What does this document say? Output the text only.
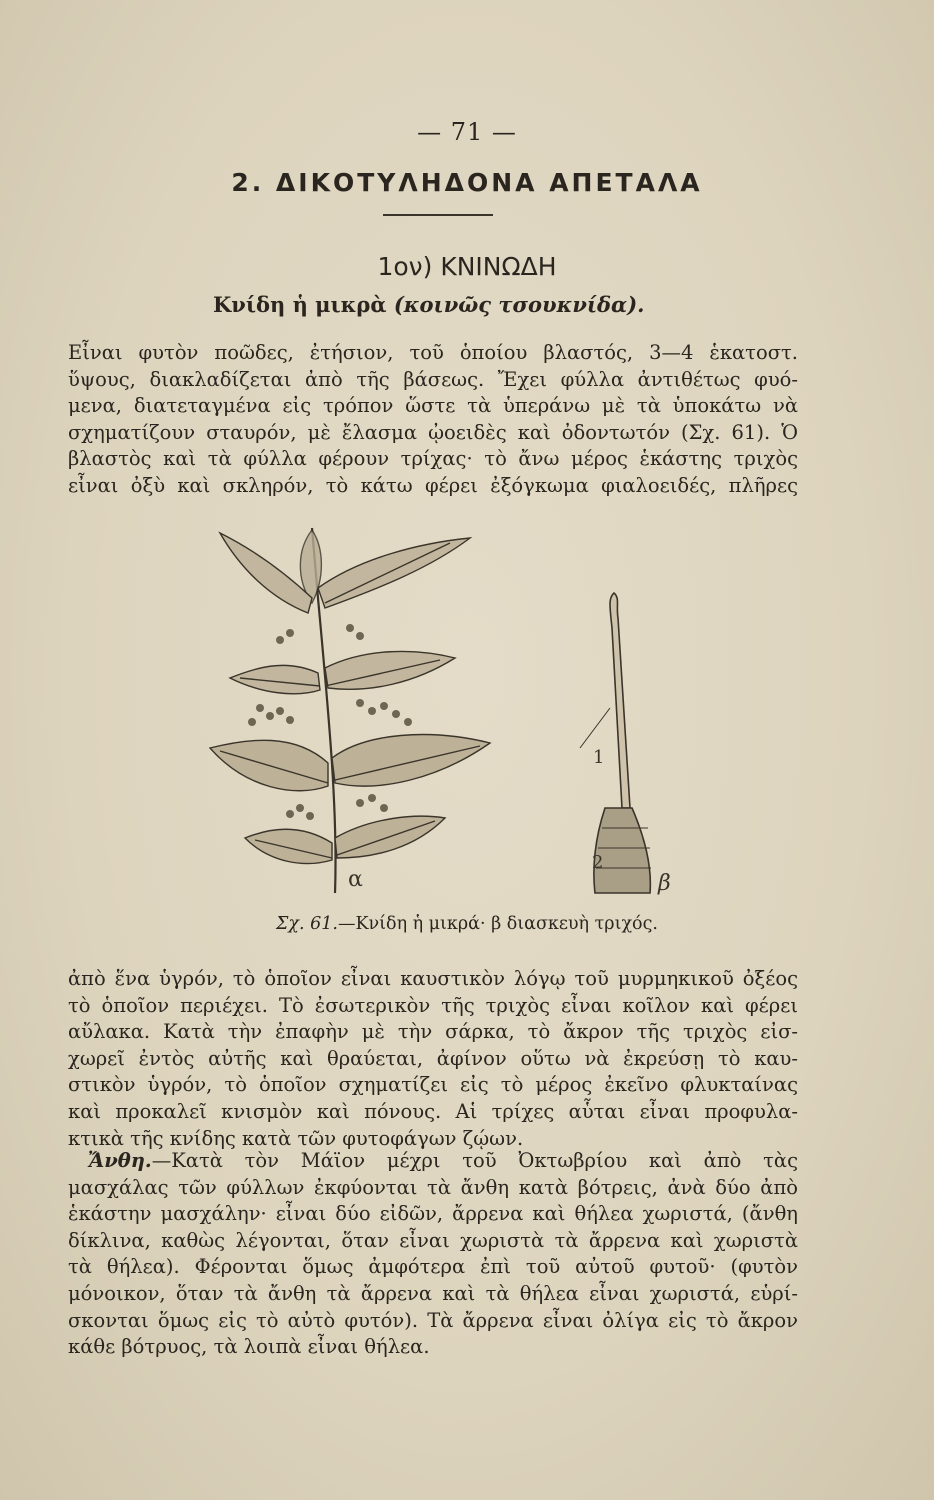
— 71 —
2. ΔΙΚΟΤΥΛΗΔΟΝΑ ΑΠΕΤΑΛΑ
1ον) ΚΝΙΝΩΔΗ
Κνίδη ἡ μικρὰ (κοινῶς τσουκνίδα).
Εἶναι φυτὸν ποῶδες, ἐτήσιον, τοῦ ὁποίου βλαστός, 3—4 ἑκατοστ.
ὕψους, διακλαδίζεται ἀπὸ τῆς βάσεως. Ἔχει φύλλα ἀντιθέτως φυό-
μενα, διατεταγμένα εἰς τρόπον ὥστε τὰ ὑπεράνω μὲ τὰ ὑποκάτω νὰ
σχηματίζουν σταυρόν, μὲ ἔλασμα ᾠοειδὲς καὶ ὀδοντωτόν (Σχ. 61). Ὁ
βλαστὸς καὶ τὰ φύλλα φέρουν τρίχας· τὸ ἄνω μέρος ἑκάστης τριχὸς
εἶναι ὀξὺ καὶ σκληρόν, τὸ κάτω φέρει ἐξόγκωμα φιαλοειδές, πλῆρες
α
1
2
β
Σχ. 61.—Κνίδη ἡ μικρά· β διασκευὴ τριχός.
ἀπὸ ἕνα ὑγρόν, τὸ ὁποῖον εἶναι καυστικὸν λόγῳ τοῦ μυρμηκικοῦ ὀξέος
τὸ ὁποῖον περιέχει. Τὸ ἐσωτερικὸν τῆς τριχὸς εἶναι κοῖλον καὶ φέρει
αὔλακα. Κατὰ τὴν ἐπαφὴν μὲ τὴν σάρκα, τὸ ἄκρον τῆς τριχὸς εἰσ-
χωρεῖ ἐντὸς αὐτῆς καὶ θραύεται, ἀφίνον οὕτω νὰ ἐκρεύσῃ τὸ καυ-
στικὸν ὑγρόν, τὸ ὁποῖον σχηματίζει εἰς τὸ μέρος ἐκεῖνο φλυκταίνας
καὶ προκαλεῖ κνισμὸν καὶ πόνους. Αἱ τρίχες αὗται εἶναι προφυλα-
κτικὰ τῆς κνίδης κατὰ τῶν φυτοφάγων ζῴων.
Ἄνθη.—Κατὰ τὸν Μάϊον μέχρι τοῦ Ὀκτωβρίου καὶ ἀπὸ τὰς
μασχάλας τῶν φύλλων ἐκφύονται τὰ ἄνθη κατὰ βότρεις, ἀνὰ δύο ἀπὸ
ἑκάστην μασχάλην· εἶναι δύο εἰδῶν, ἄρρενα καὶ θήλεα χωριστά, (ἄνθη
δίκλινα, καθὼς λέγονται, ὅταν εἶναι χωριστὰ τὰ ἄρρενα καὶ χωριστὰ
τὰ θήλεα). Φέρονται ὅμως ἀμφότερα ἐπὶ τοῦ αὐτοῦ φυτοῦ· (φυτὸν
μόνοικον, ὅταν τὰ ἄνθη τὰ ἄρρενα καὶ τὰ θήλεα εἶναι χωριστά, εὑρί-
σκονται ὅμως εἰς τὸ αὐτὸ φυτόν). Τὰ ἄρρενα εἶναι ὀλίγα εἰς τὸ ἄκρον
κάθε βότρυος, τὰ λοιπὰ εἶναι θήλεα.
